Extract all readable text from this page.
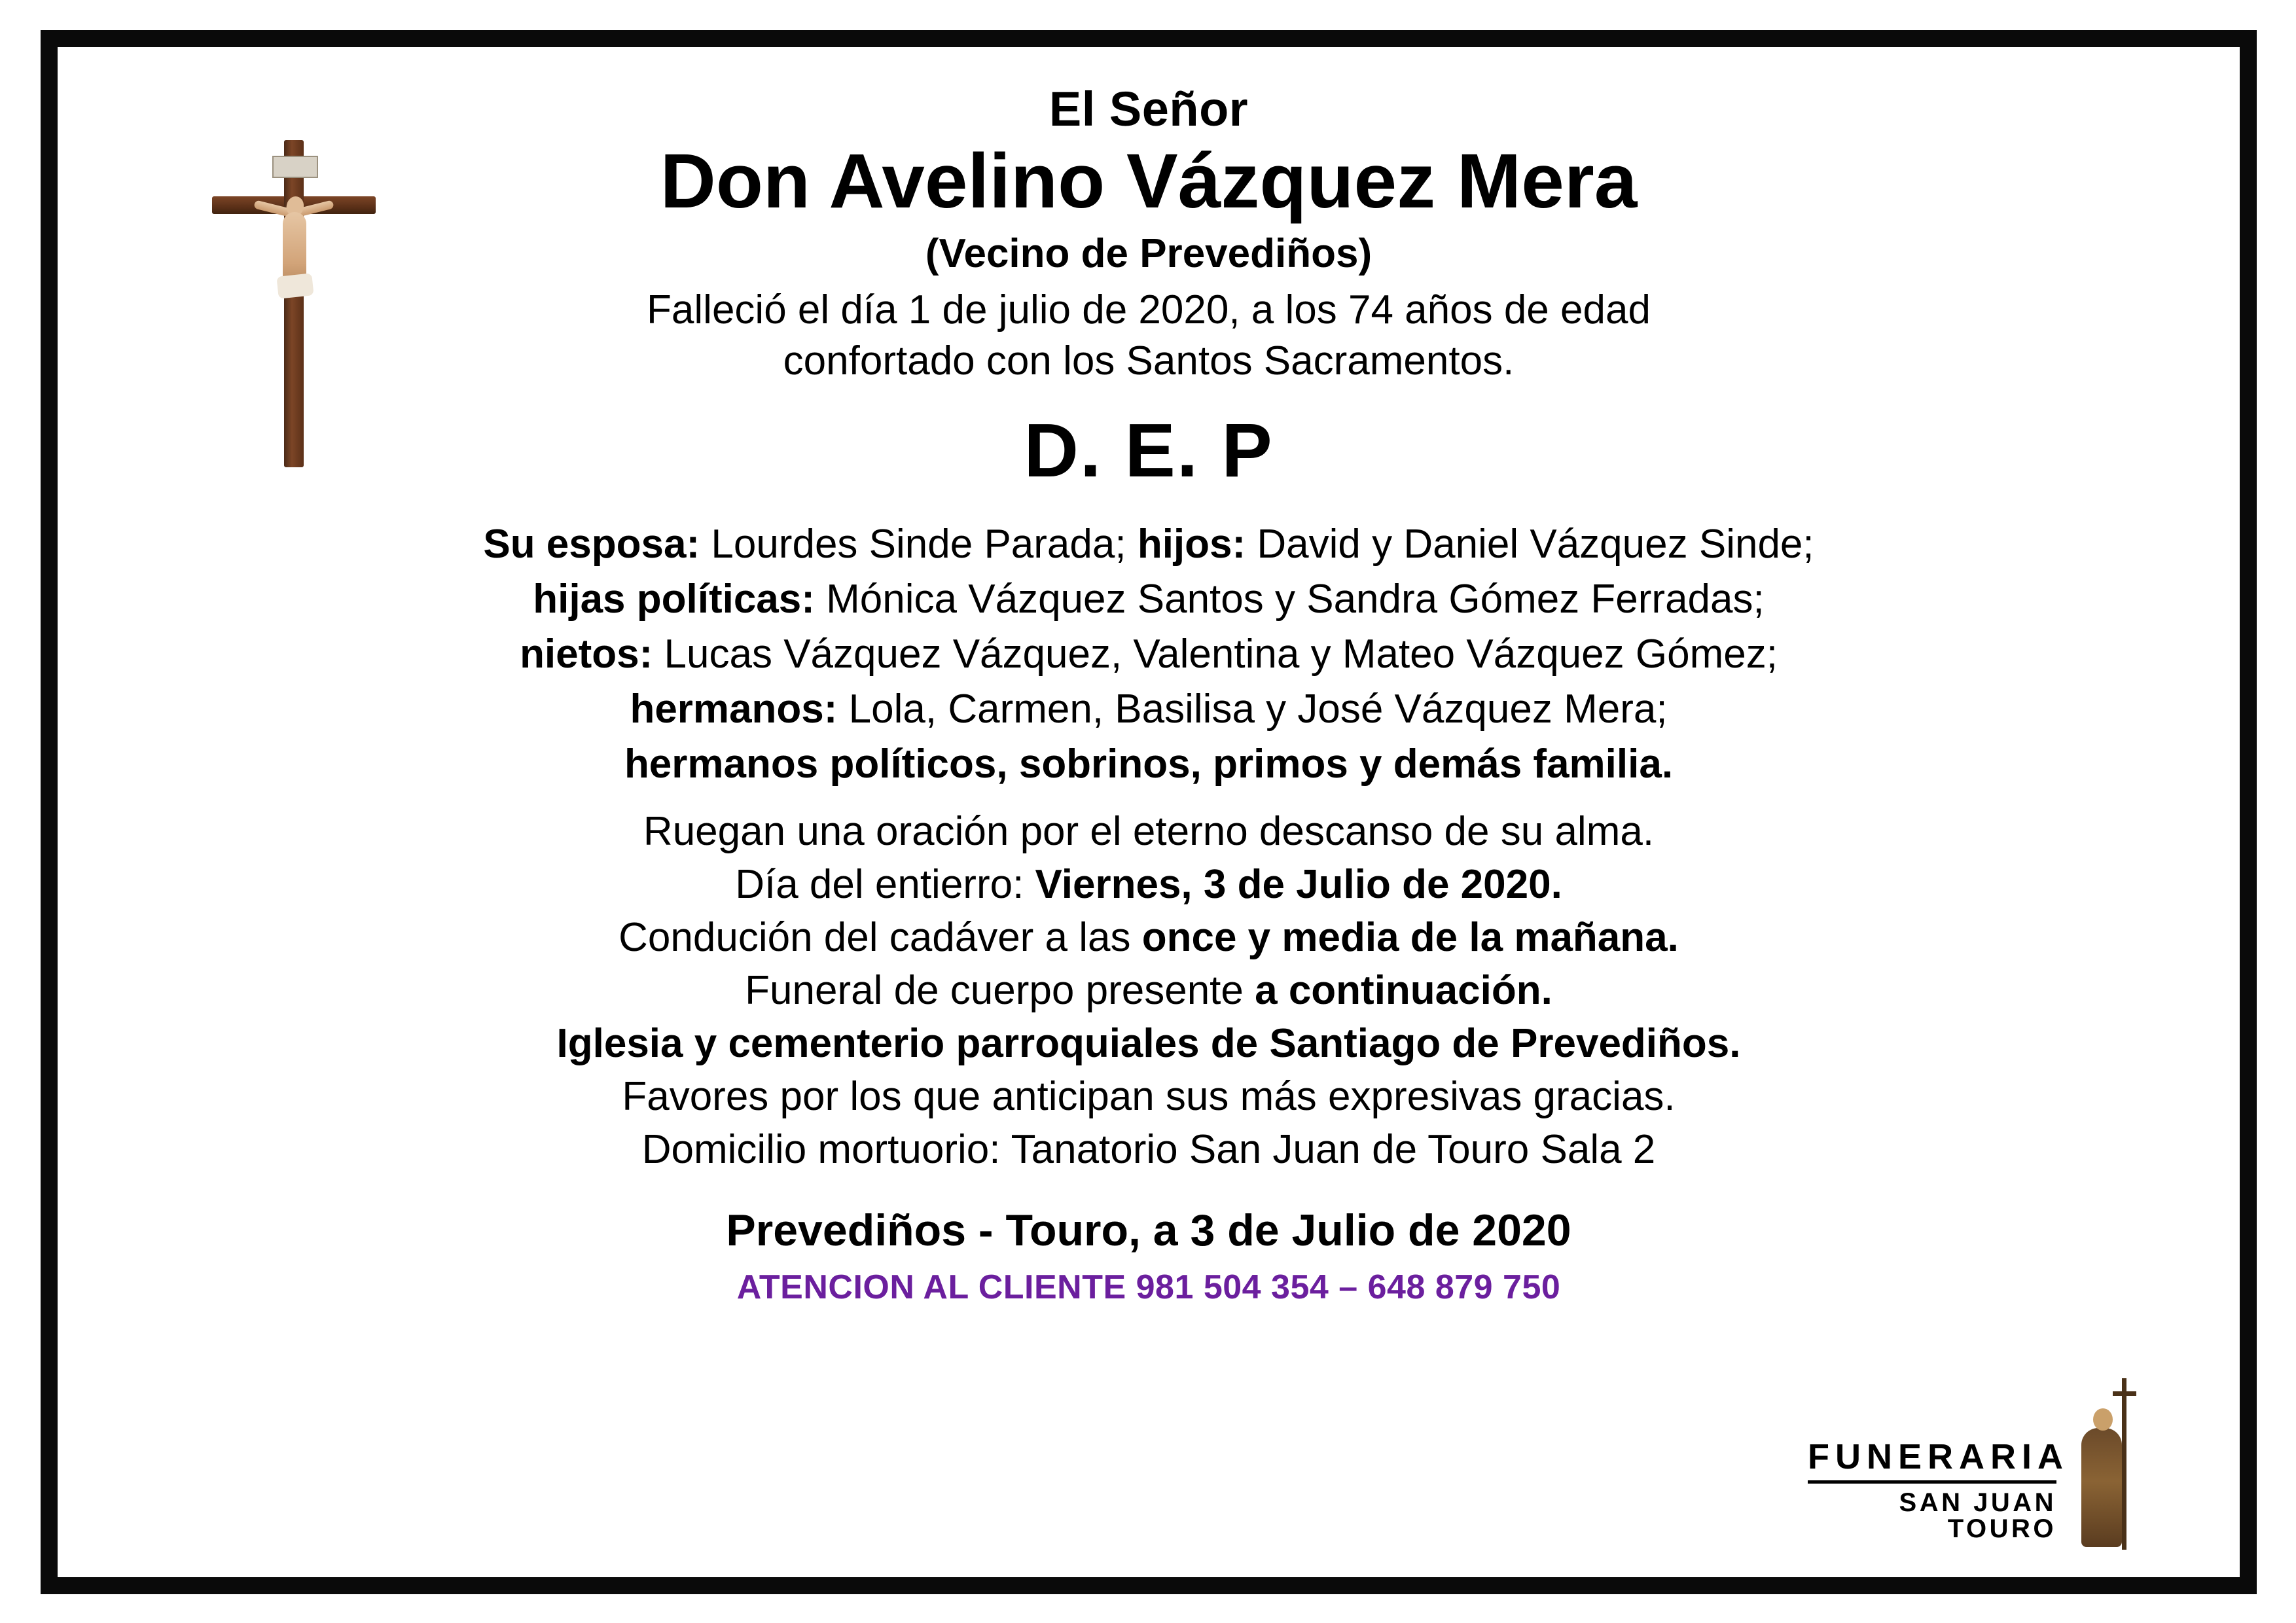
El Señor
Don Avelino Vázquez Mera
(Vecino de Prevediños)
Falleció el día 1 de julio de 2020, a los 74 años de edad
confortado con los Santos Sacramentos.
D. E. P

Su esposa: Lourdes Sinde Parada; hijos: David y Daniel Vázquez Sinde;

hijas políticas: Mónica Vázquez Santos y Sandra Gómez Ferradas;

nietos: Lucas Vázquez Vázquez, Valentina y Mateo Vázquez Gómez;

hermanos: Lola, Carmen, Basilisa y José Vázquez Mera;

hermanos políticos, sobrinos, primos y demás familia.

Ruegan una oración por el eterno descanso de su alma.

Día del entierro: Viernes, 3 de Julio de 2020.

Condución del cadáver a las once y media de la mañana.

Funeral de cuerpo presente a continuación.

Iglesia y cementerio parroquiales de Santiago de Prevediños.

Favores por los que anticipan sus más expresivas gracias.

Domicilio mortuorio: Tanatorio San Juan de Touro Sala 2

Prevediños - Touro, a 3 de Julio de 2020
ATENCION AL CLIENTE 981 504 354 – 648 879 750
FUNERARIA
SAN JUAN TOURO
